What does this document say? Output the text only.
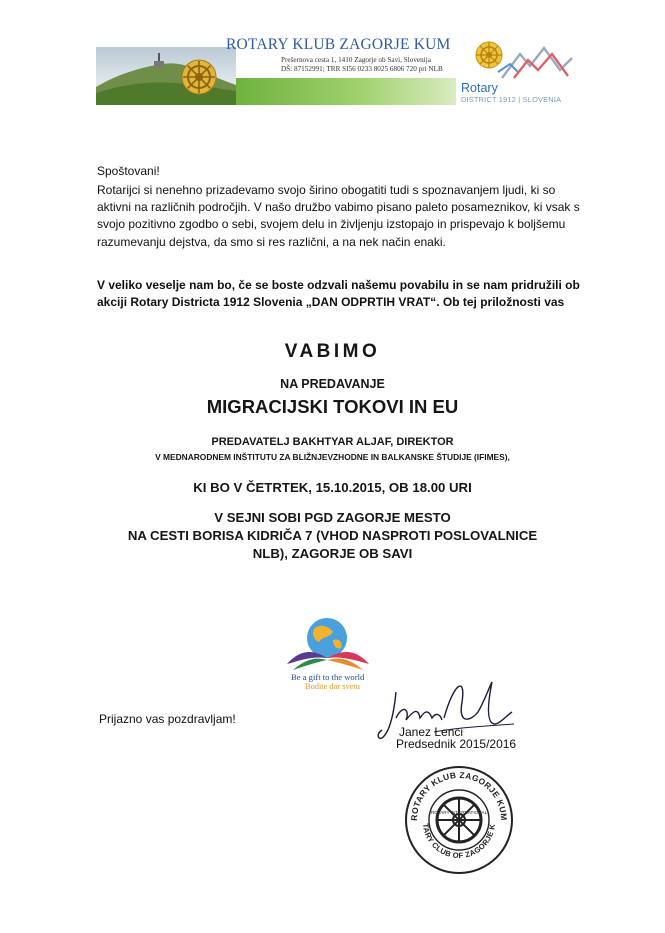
ROTARY KLUB ZAGORJE KUM
Prešernova cesta 1, 1410 Zagorje ob Savi, Slovenija
DŠ: 87152991; TRR SI56 0233 8025 6806 720 pri NLB
Rotary
DISTRICT 1912 | SLOVENIA
Spoštovani!
Rotarijci si nenehno prizadevamo svojo širino obogatiti tudi s spoznavanjem ljudi, ki so aktivni na različnih področjih. V našo družbo vabimo pisano paleto posameznikov, ki vsak s svojo pozitivno zgodbo o sebi, svojem delu in življenju izstopajo in prispevajo k boljšemu razumevanju dejstva, da smo si res različni, a na nek način enaki.
V veliko veselje nam bo, če se boste odzvali našemu povabilu in se nam pridružili ob akciji Rotary Districta 1912 Slovenia „DAN ODPRTIH VRAT“. Ob tej priložnosti vas
VABIMO
NA PREDAVANJE
MIGRACIJSKI TOKOVI IN EU
PREDAVATELJ BAKHTYAR ALJAF, DIREKTOR
V MEDNARODNEM INŠTITUTU ZA BLIŽNJEVZHODNE IN BALKANSKE ŠTUDIJE (IFIMES),
KI BO V ČETRTEK, 15.10.2015, OB 18.00 URI
V SEJNI SOBI PGD ZAGORJE MESTO
NA CESTI BORISA KIDRIČA 7 (VHOD NASPROTI POSLOVALNICE
NLB), ZAGORJE OB SAVI
Be a gift to the world
Bodite dar svetu
Prijazno vas pozdravljam!
Janez Lenci
Predsednik 2015/2016
ROTARY KLUB ZAGORJE KUM
TARY CLUB OF ZAGORJE K
ROTARY INTERNATIONAL
